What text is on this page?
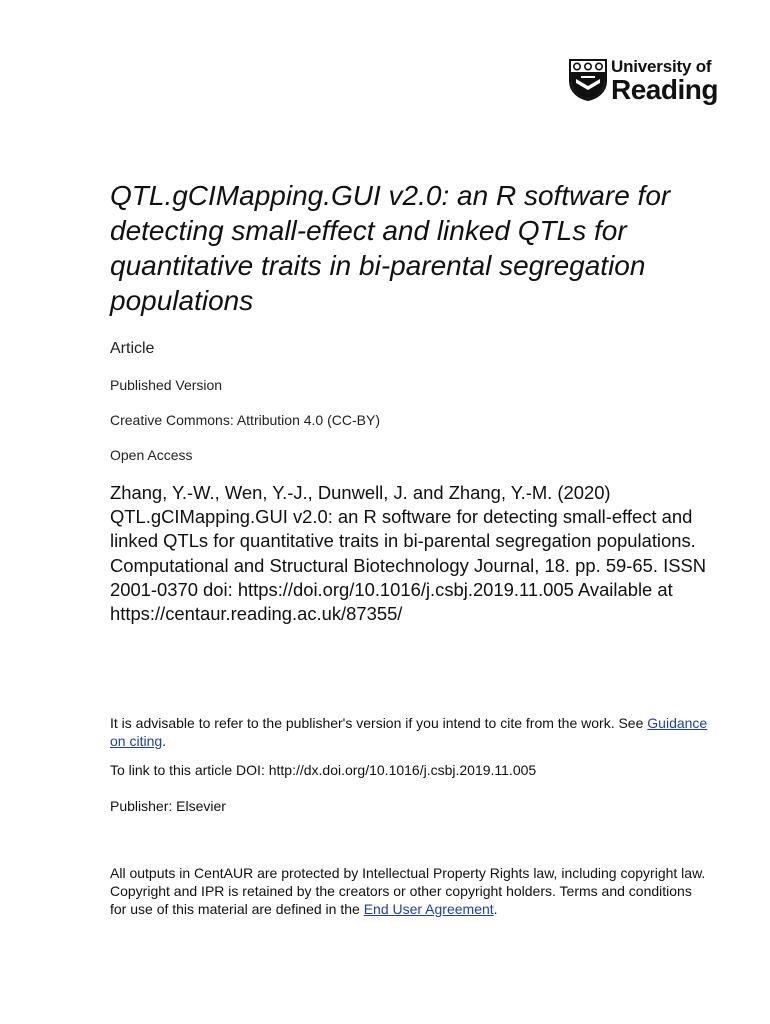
University of
Reading
QTL.gCIMapping.GUI v2.0: an R software for detecting small-effect and linked QTLs for quantitative traits in bi-parental segregation populations

Article

Published Version

Creative Commons: Attribution 4.0 (CC-BY)

Open Access

Zhang, Y.-W., Wen, Y.-J., Dunwell, J. and Zhang, Y.-M. (2020) QTL.gCIMapping.GUI v2.0: an R software for detecting small-effect and linked QTLs for quantitative traits in bi-parental segregation populations. Computational and Structural Biotechnology Journal, 18. pp. 59-65. ISSN 2001-0370 doi: https://doi.org/10.1016/j.csbj.2019.11.005 Available at https://centaur.reading.ac.uk/87355/

It is advisable to refer to the publisher's version if you intend to cite from the work. See Guidance on citing.

To link to this article DOI: http://dx.doi.org/10.1016/j.csbj.2019.11.005

Publisher: Elsevier

All outputs in CentAUR are protected by Intellectual Property Rights law, including copyright law. Copyright and IPR is retained by the creators or other copyright holders. Terms and conditions for use of this material are defined in the End User Agreement.
